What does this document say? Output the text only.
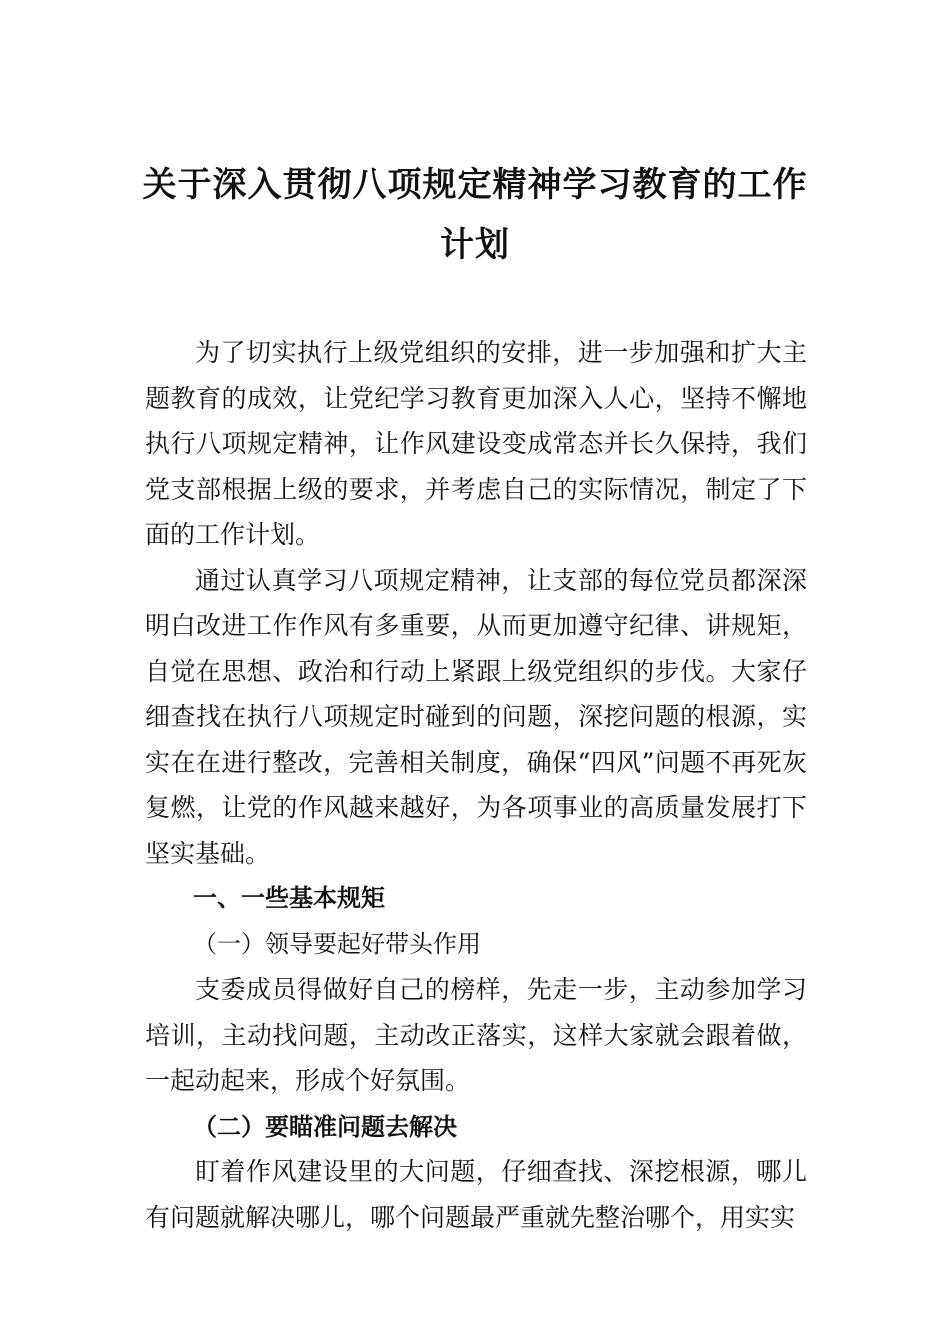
关于深入贯彻八项规定精神学习教育的工作计划

为了切实执行上级党组织的安排，进一步加强和扩大主题教育的成效，让党纪学习教育更加深入人心，坚持不懈地执行八项规定精神，让作风建设变成常态并长久保持，我们党支部根据上级的要求，并考虑自己的实际情况，制定了下面的工作计划。

通过认真学习八项规定精神，让支部的每位党员都深深明白改进工作作风有多重要，从而更加遵守纪律、讲规矩，自觉在思想、政治和行动上紧跟上级党组织的步伐。大家仔细查找在执行八项规定时碰到的问题，深挖问题的根源，实实在在进行整改，完善相关制度，确保“四风”问题不再死灰复燃，让党的作风越来越好，为各项事业的高质量发展打下坚实基础。

一、一些基本规矩

（一）领导要起好带头作用

支委成员得做好自己的榜样，先走一步，主动参加学习培训，主动找问题，主动改正落实，这样大家就会跟着做，一起动起来，形成个好氛围。

（二）要瞄准问题去解决

盯着作风建设里的大问题，仔细查找、深挖根源，哪儿有问题就解决哪儿，哪个问题最严重就先整治哪个，用实实
